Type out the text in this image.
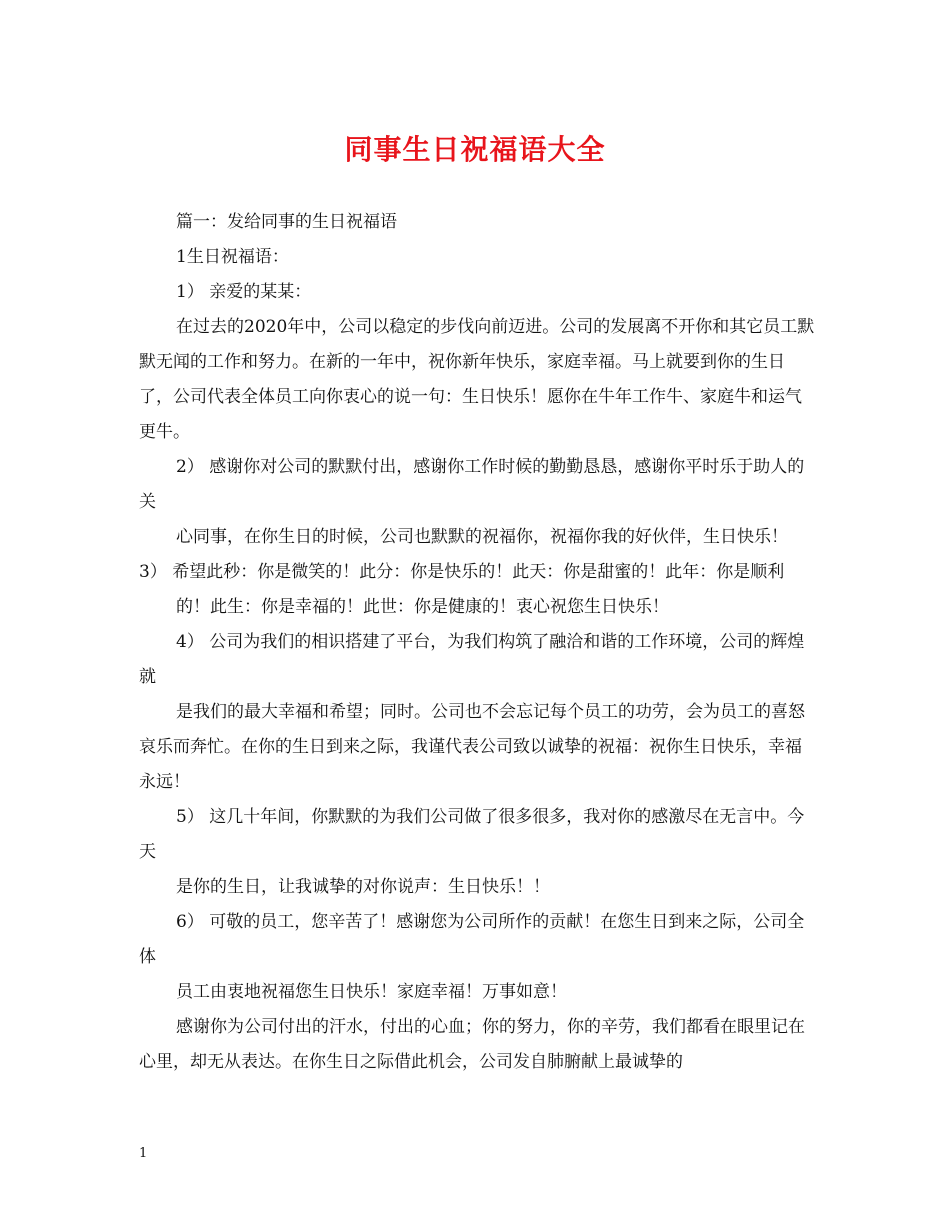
同事生日祝福语大全

篇一：发给同事的生日祝福语

1生日祝福语：

1） 亲爱的某某：

在过去的2020年中，公司以稳定的步伐向前迈进。公司的发展离不开你和其它员工默默无闻的工作和努力。在新的一年中，祝你新年快乐，家庭幸福。马上就要到你的生日了，公司代表全体员工向你衷心的说一句：生日快乐！愿你在牛年工作牛、家庭牛和运气更牛。

2） 感谢你对公司的默默付出，感谢你工作时候的勤勤恳恳，感谢你平时乐于助人的关

心同事，在你生日的时候，公司也默默的祝福你，祝福你我的好伙伴，生日快乐！ 3） 希望此秒：你是微笑的！此分：你是快乐的！此天：你是甜蜜的！此年：你是顺利

的！此生：你是幸福的！此世：你是健康的！衷心祝您生日快乐！

4） 公司为我们的相识搭建了平台，为我们构筑了融洽和谐的工作环境，公司的辉煌就

是我们的最大幸福和希望；同时。公司也不会忘记每个员工的功劳，会为员工的喜怒哀乐而奔忙。在你的生日到来之际，我谨代表公司致以诚挚的祝福：祝你生日快乐，幸福永远！

5） 这几十年间，你默默的为我们公司做了很多很多，我对你的感激尽在无言中。今天

是你的生日，让我诚挚的对你说声：生日快乐！！

6） 可敬的员工，您辛苦了！感谢您为公司所作的贡献！在您生日到来之际，公司全体

员工由衷地祝福您生日快乐！家庭幸福！万事如意！

感谢你为公司付出的汗水，付出的心血；你的努力，你的辛劳，我们都看在眼里记在心里，却无从表达。在你生日之际借此机会，公司发自肺腑献上最诚挚的

1
